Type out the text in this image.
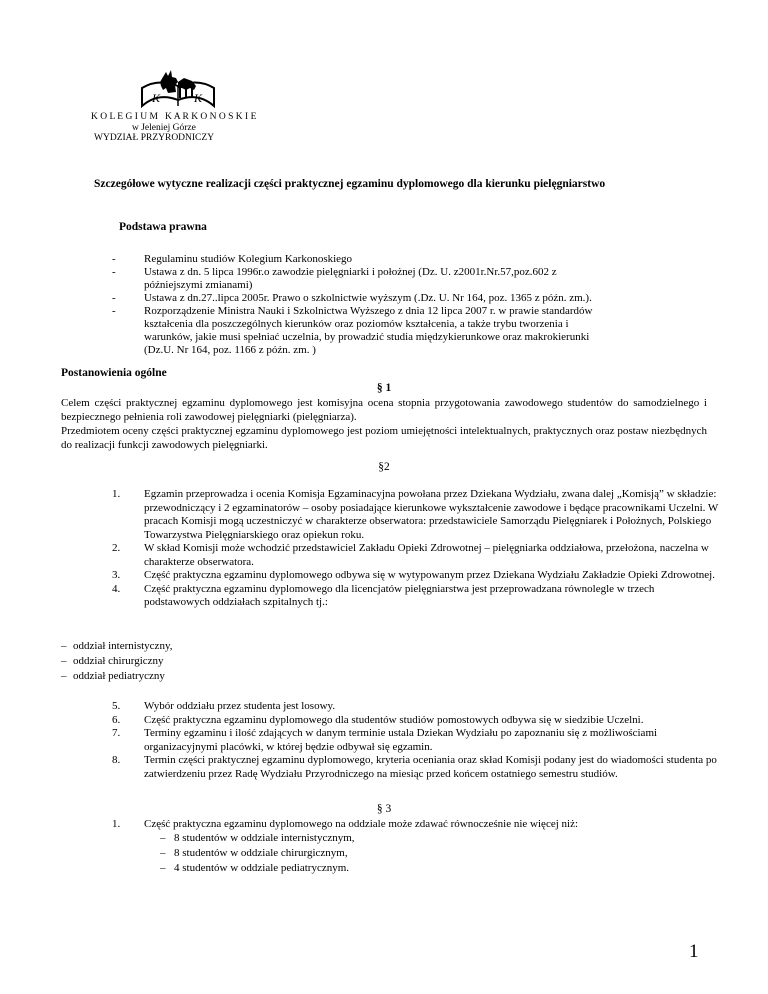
K	K
K O L E G I U M   K A R K O N O S K I E
w Jeleniej Górze
WYDZIAŁ PRZYRODNICZY
Szczegółowe wytyczne realizacji części praktycznej egzaminu dyplomowego dla kierunku pielęgniarstwo
Podstawa prawna
-	Regulaminu studiów Kolegium Karkonoskiego
-	Ustawa z dn. 5 lipca 1996r.o zawodzie pielęgniarki i położnej (Dz. U. z2001r.Nr.57,poz.602 z
późniejszymi zmianami)
-	Ustawa z dn.27..lipca 2005r. Prawo o szkolnictwie wyższym (.Dz. U. Nr 164, poz. 1365 z późn. zm.).
-	Rozporządzenie Ministra Nauki i Szkolnictwa Wyższego z dnia 12 lipca 2007 r. w prawie standardów
kształcenia dla poszczególnych kierunków oraz poziomów kształcenia, a także trybu tworzenia i
warunków, jakie musi spełniać uczelnia, by prowadzić studia międzykierunkowe oraz makrokierunki
(Dz.U. Nr 164, poz. 1166 z późn. zm. )
Postanowienia ogólne
§ 1
Celem części praktycznej egzaminu dyplomowego jest komisyjna ocena stopnia przygotowania zawodowego studentów do samodzielnego i bezpiecznego pełnienia roli zawodowej pielęgniarki (pielęgniarza).
Przedmiotem oceny części praktycznej egzaminu dyplomowego jest poziom umiejętności intelektualnych, praktycznych oraz postaw niezbędnych do realizacji funkcji zawodowych pielęgniarki.
§2
1. Egzamin przeprowadza i ocenia Komisja Egzaminacyjna powołana przez Dziekana Wydziału, zwana dalej „Komisją” w składzie: przewodniczący i 2 egzaminatorów – osoby posiadające kierunkowe wykształcenie zawodowe i będące pracownikami Uczelni. W pracach Komisji mogą uczestniczyć w charakterze obserwatora: przedstawiciele Samorządu Pielęgniarek i Położnych, Polskiego Towarzystwa Pielęgniarskiego oraz opiekun roku.
2. W skład Komisji może wchodzić przedstawiciel Zakładu Opieki Zdrowotnej – pielęgniarka oddziałowa, przełożona, naczelna w charakterze obserwatora.
3. Część praktyczna egzaminu dyplomowego odbywa się w wytypowanym przez Dziekana Wydziału Zakładzie Opieki Zdrowotnej.
4. Część praktyczna egzaminu dyplomowego dla licencjatów pielęgniarstwa jest przeprowadzana równolegle w trzech podstawowych oddziałach szpitalnych tj.:
– oddział internistyczny,
– oddział chirurgiczny
– oddział pediatryczny
5. Wybór oddziału przez studenta jest losowy.
6. Część praktyczna egzaminu dyplomowego dla studentów studiów pomostowych odbywa się w siedzibie Uczelni.
7. Terminy egzaminu i ilość zdających w danym terminie ustala Dziekan Wydziału po zapoznaniu się z możliwościami organizacyjnymi placówki, w której będzie odbywał się egzamin.
8. Termin części praktycznej egzaminu dyplomowego, kryteria oceniania oraz skład Komisji podany jest do wiadomości studenta po zatwierdzeniu przez Radę Wydziału Przyrodniczego na miesiąc przed końcem ostatniego semestru studiów.
§ 3
1. Część praktyczna egzaminu dyplomowego na oddziale może zdawać równocześnie nie więcej niż:
– 8 studentów w oddziale internistycznym,
– 8 studentów w oddziale chirurgicznym,
– 4 studentów w oddziale pediatrycznym.
1
